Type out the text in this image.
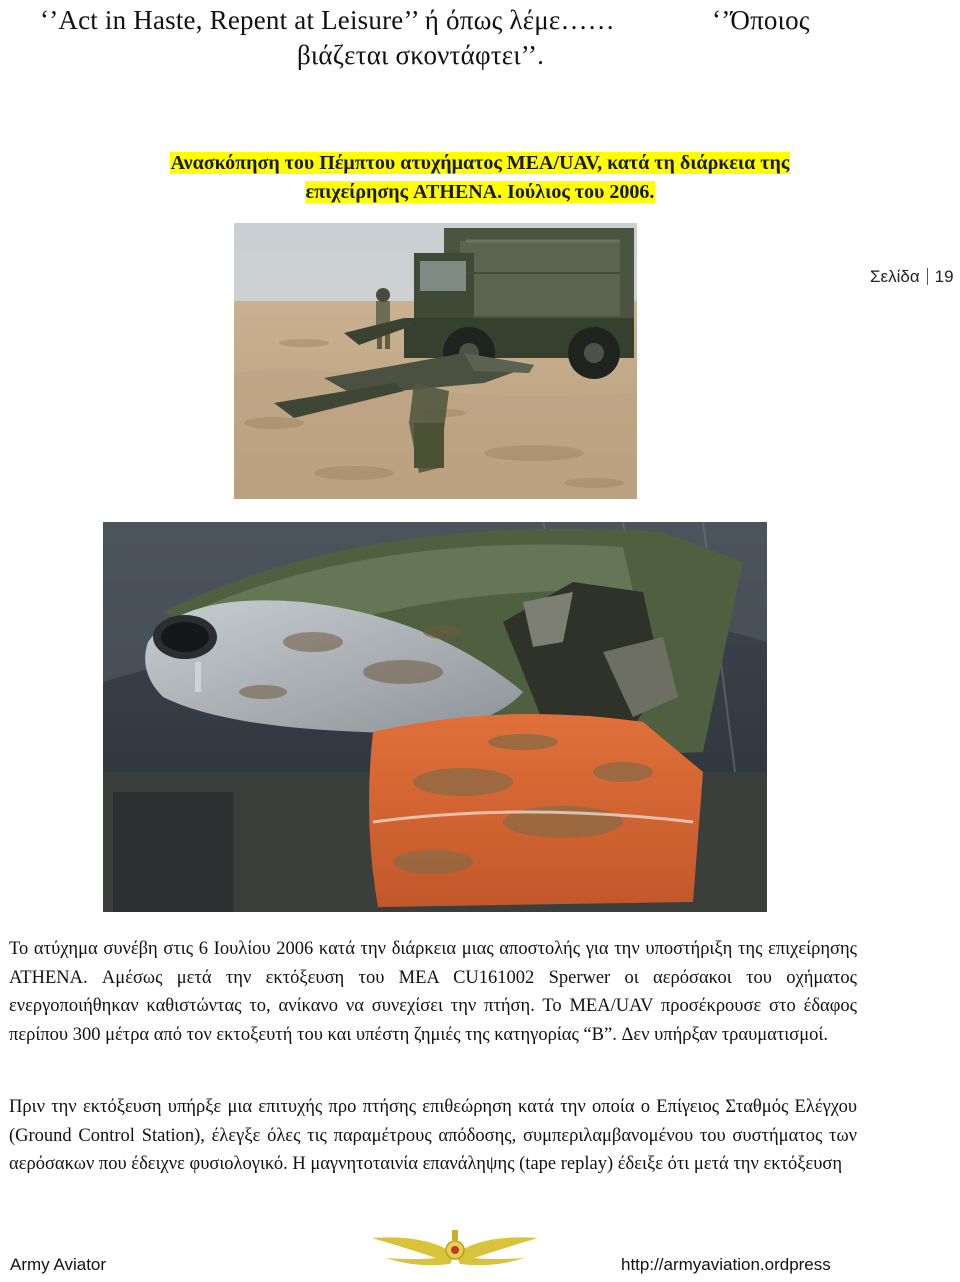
‘’Act in Haste, Repent at Leisure’’ ή όπως λέμε……	‘’Όποιος
βιάζεται σκοντάφτει’’.
Ανασκόπηση του Πέμπτου ατυχήματος ΜΕΑ/UAV, κατά τη διάρκεια της
επιχείρησης ATHENA. Ιούλιος του 2006.
Σελίδα 19
Το ατύχημα συνέβη στις 6 Ιουλίου 2006 κατά την διάρκεια μιας αποστολής για την υποστήριξη της επιχείρησης ATHENA. Αμέσως μετά την εκτόξευση του ΜΕΑ CU161002 Sperwer οι αερόσακοι του οχήματος ενεργοποιήθηκαν καθιστώντας το, ανίκανο να συνεχίσει την πτήση. Το ΜΕΑ/UAV προσέκρουσε στο έδαφος περίπου 300 μέτρα από τον εκτοξευτή του και υπέστη ζημιές της κατηγορίας “B”. Δεν υπήρξαν τραυματισμοί.
Πριν την εκτόξευση υπήρξε μια επιτυχής προ πτήσης επιθεώρηση κατά την οποία ο Επίγειος Σταθμός Ελέγχου (Ground Control Station), έλεγξε όλες τις παραμέτρους απόδοσης, συμπεριλαμβανομένου του συστήματος των αερόσακων που έδειχνε φυσιολογικό. Η μαγνητοταινία επανάληψης (tape replay) έδειξε ότι μετά την εκτόξευση
Army Aviator	http://armyaviation.ordpress
